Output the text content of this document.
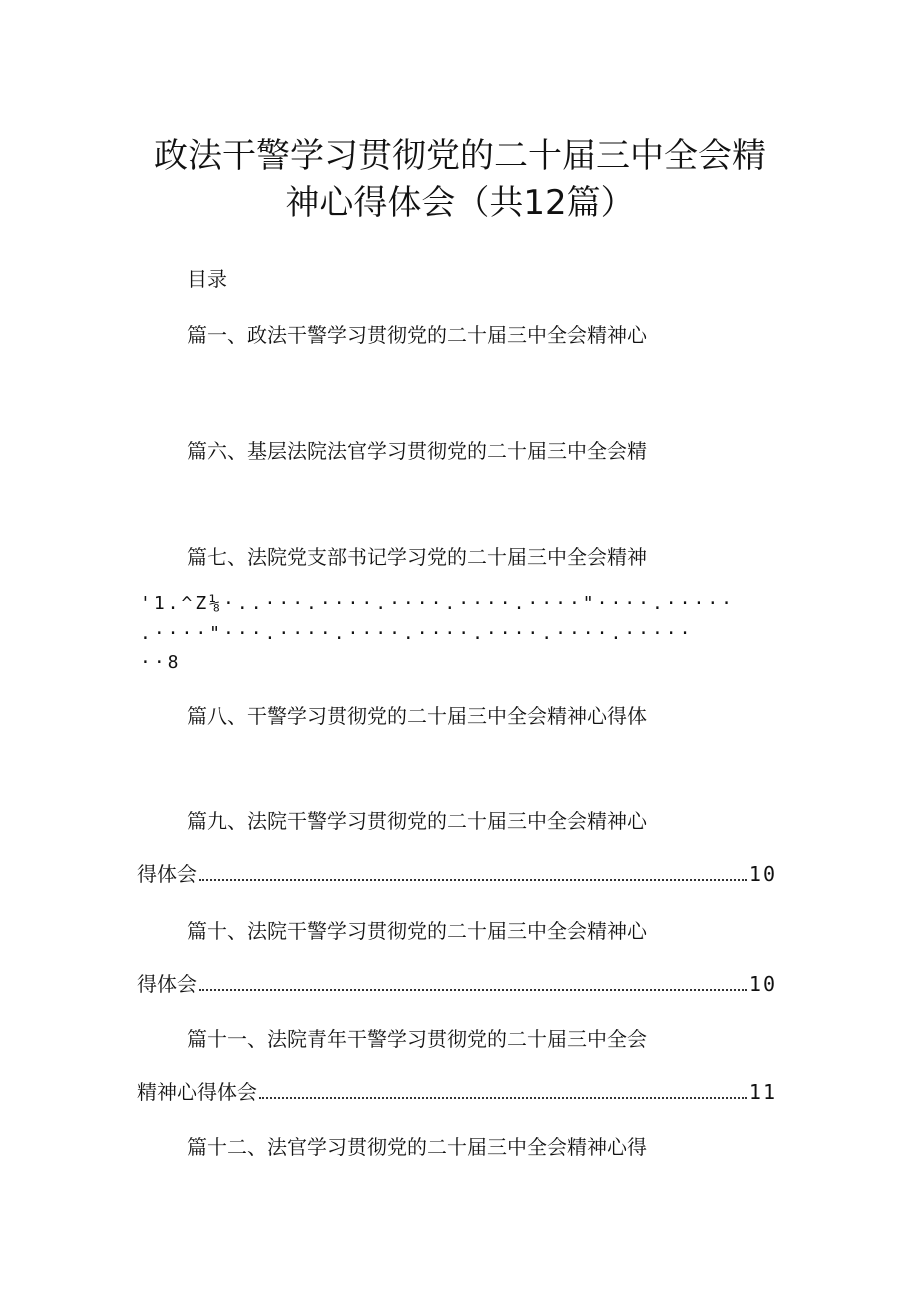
政法干警学习贯彻党的二十届三中全会精
神心得体会（共12篇）
目录
篇一、政法干警学习贯彻党的二十届三中全会精神心
篇六、基层法院法官学习贯彻党的二十届三中全会精
篇七、法院党支部书记学习党的二十届三中全会精神
'1.^Z⅛·..···.····.····.····.····"····.·····
.····"···.····.····.····.····.····.·····
··8
篇八、干警学习贯彻党的二十届三中全会精神心得体
篇九、法院干警学习贯彻党的二十届三中全会精神心
得体会	10
篇十、法院干警学习贯彻党的二十届三中全会精神心
得体会	10
篇十一、法院青年干警学习贯彻党的二十届三中全会
精神心得体会	11
篇十二、法官学习贯彻党的二十届三中全会精神心得
